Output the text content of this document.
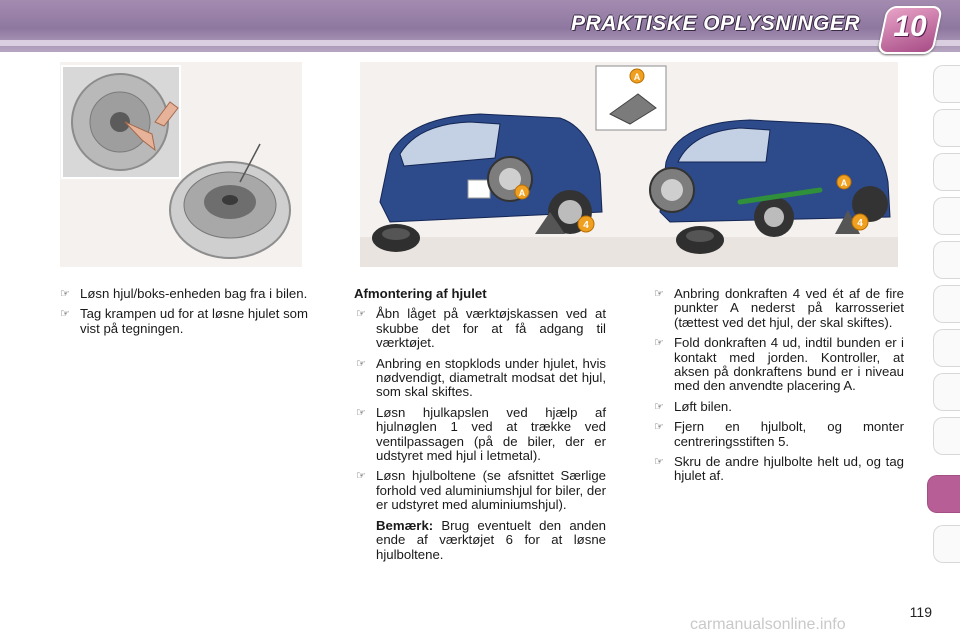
PRAKTISKE OPLYSNINGER 10
A
A
4
A
4

☞ Løsn hjul/boks-enheden bag fra i bilen.

☞ Tag krampen ud for at løsne hjulet som vist på tegningen.

Afmontering af hjulet

☞ Åbn låget på værktøjskassen ved at skubbe det for at få adgang til værktøjet.

☞ Anbring en stopklods under hjulet, hvis nødvendigt, diametralt modsat det hjul, som skal skiftes.

☞ Løsn hjulkapslen ved hjælp af hjulnøglen 1 ved at trække ved ventilpassagen (på de biler, der er udstyret med hjul i letmetal).

☞ Løsn hjulboltene (se afsnittet Særlige forhold ved aluminiumshjul for biler, der er udstyret med aluminiumshjul).

Bemærk: Brug eventuelt den anden ende af værktøjet 6 for at løsne hjulboltene.

☞ Anbring donkraften 4 ved ét af de fire punkter A nederst på karrosseriet (tættest ved det hjul, der skal skiftes).

☞ Fold donkraften 4 ud, indtil bunden er i kontakt med jorden. Kontroller, at aksen på donkraftens bund er i niveau med den anvendte placering A.

☞ Løft bilen.

☞ Fjern en hjulbolt, og monter centreringsstiften 5.

☞ Skru de andre hjulbolte helt ud, og tag hjulet af.

119
carmanualsonline.info
